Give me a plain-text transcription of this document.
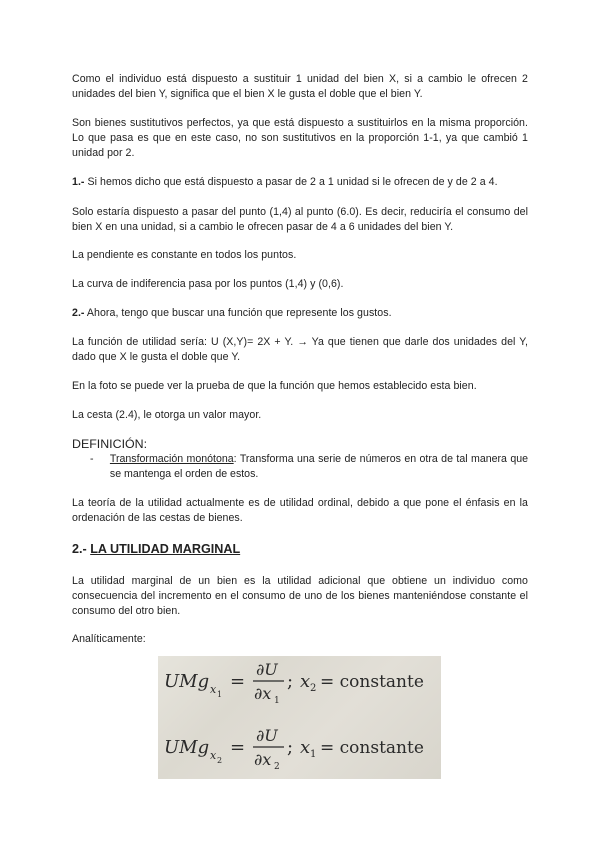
Como el individuo está dispuesto a sustituir 1 unidad del bien X, si a cambio le ofrecen 2 unidades del bien Y, significa que el bien X le gusta el doble que el bien Y.

Son bienes sustitutivos perfectos, ya que está dispuesto a sustituirlos en la misma proporción. Lo que pasa es que en este caso, no son sustitutivos en la proporción 1-1, ya que cambió 1 unidad por 2.

1.- Si hemos dicho que está dispuesto a pasar de 2 a 1 unidad si le ofrecen de y de 2 a 4.

Solo estaría dispuesto a pasar del punto (1,4) al punto (6.0). Es decir, reduciría el consumo del bien X en una unidad, si a cambio le ofrecen pasar de 4 a 6 unidades del bien Y.

La pendiente es constante en todos los puntos.

La curva de indiferencia pasa por los puntos (1,4) y (0,6).

2.- Ahora, tengo que buscar una función que represente los gustos.

La función de utilidad sería: U (X,Y)= 2X + Y. → Ya que tienen que darle dos unidades del Y, dado que X le gusta el doble que Y.

En la foto se puede ver la prueba de que la función que hemos establecido esta bien.

La cesta (2.4), le otorga un valor mayor.

DEFINICIÓN:
-	Transformación monótona: Transforma una serie de números en otra de tal manera que se mantenga el orden de estos.

La teoría de la utilidad actualmente es de utilidad ordinal, debido a que pone el énfasis en la ordenación de las cestas de bienes.

2.- LA UTILIDAD MARGINAL

La utilidad marginal de un bien es la utilidad adicional que obtiene un individuo como consecuencia del incremento en el consumo de uno de los bienes manteniéndose constante el consumo del otro bien.

Analíticamente:

UMg x 1
=
∂U
∂x 1
; x 2 = constante
UMg x 2
=
∂U
∂x 2
; x 1 = constante
